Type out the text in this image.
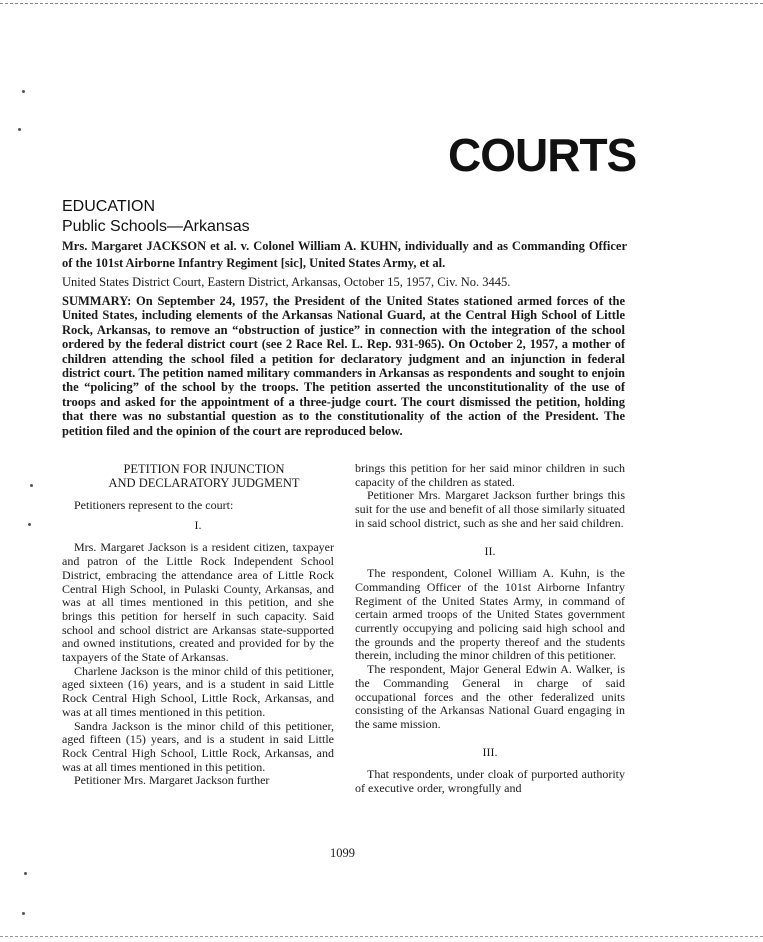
COURTS
EDUCATION
Public Schools—Arkansas
Mrs. Margaret JACKSON et al. v. Colonel William A. KUHN, individually and as Commanding Officer of the 101st Airborne Infantry Regiment [sic], United States Army, et al.
United States District Court, Eastern District, Arkansas, October 15, 1957, Civ. No. 3445.
SUMMARY: On September 24, 1957, the President of the United States stationed armed forces of the United States, including elements of the Arkansas National Guard, at the Central High School of Little Rock, Arkansas, to remove an “obstruction of justice” in connection with the integration of the school ordered by the federal district court (see 2 Race Rel. L. Rep. 931-965). On October 2, 1957, a mother of children attending the school filed a petition for declaratory judgment and an injunction in federal district court. The petition named military commanders in Arkansas as respondents and sought to enjoin the “policing” of the school by the troops. The petition asserted the unconstitutionality of the use of troops and asked for the appointment of a three-judge court. The court dismissed the petition, holding that there was no substantial question as to the constitutionality of the action of the President. The petition filed and the opinion of the court are reproduced below.

PETITION FOR INJUNCTION

AND DECLARATORY JUDGMENT

Petitioners represent to the court:

I.

Mrs. Margaret Jackson is a resident citizen, taxpayer and patron of the Little Rock Independent School District, embracing the attendance area of Little Rock Central High School, in Pulaski County, Arkansas, and was at all times mentioned in this petition, and she brings this petition for herself in such capacity. Said school and school district are Arkansas state-supported and owned institutions, created and provided for by the taxpayers of the State of Arkansas.

Charlene Jackson is the minor child of this petitioner, aged sixteen (16) years, and is a student in said Little Rock Central High School, Little Rock, Arkansas, and was at all times mentioned in this petition.

Sandra Jackson is the minor child of this petitioner, aged fifteen (15) years, and is a student in said Little Rock Central High School, Little Rock, Arkansas, and was at all times mentioned in this petition.

Petitioner Mrs. Margaret Jackson further

brings this petition for her said minor children in such capacity of the children as stated.

Petitioner Mrs. Margaret Jackson further brings this suit for the use and benefit of all those similarly situated in said school district, such as she and her said children.

II.

The respondent, Colonel William A. Kuhn, is the Commanding Officer of the 101st Airborne Infantry Regiment of the United States Army, in command of certain armed troops of the United States government currently occupying and policing said high school and the grounds and the property thereof and the students therein, including the minor children of this petitioner.

The respondent, Major General Edwin A. Walker, is the Commanding General in charge of said occupational forces and the other federalized units consisting of the Arkansas National Guard engaging in the same mission.

III.

That respondents, under cloak of purported authority of executive order, wrongfully and

1099
